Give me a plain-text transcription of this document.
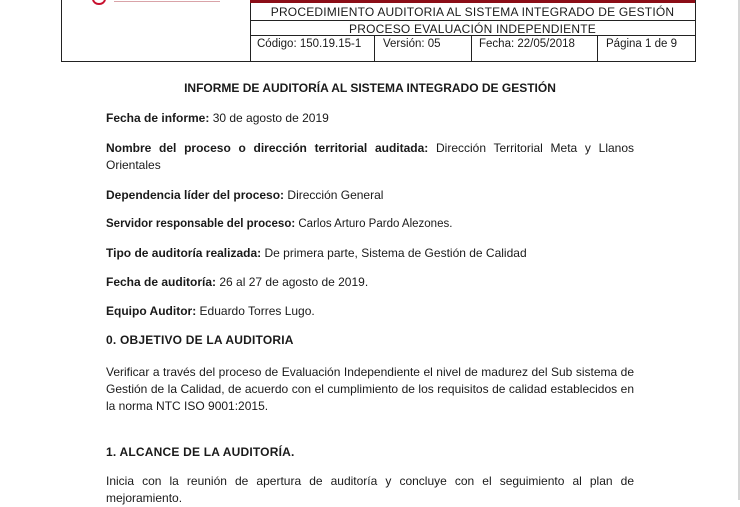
PROCEDIMIENTO AUDITORIA AL SISTEMA INTEGRADO DE GESTIÓN
PROCESO EVALUACIÓN INDEPENDIENTE
Código: 150.19.15-1	Versión: 05	Fecha: 22/05/2018	Página 1 de 9
INFORME DE AUDITORÍA AL SISTEMA INTEGRADO DE GESTIÓN
Fecha de informe: 30 de agosto de 2019
Nombre del proceso o dirección territorial auditada: Dirección Territorial Meta y Llanos Orientales
Dependencia líder del proceso: Dirección General
Servidor responsable del proceso: Carlos Arturo Pardo Alezones.
Tipo de auditoría realizada: De primera parte, Sistema de Gestión de Calidad
Fecha de auditoría: 26 al 27 de agosto de 2019.
Equipo Auditor: Eduardo Torres Lugo.
0. OBJETIVO DE LA AUDITORIA
Verificar a través del proceso de Evaluación Independiente el nivel de madurez del Sub sistema de Gestión de la Calidad, de acuerdo con el cumplimiento de los requisitos de calidad establecidos en la norma NTC ISO 9001:2015.
1. ALCANCE DE LA AUDITORÍA.
Inicia con la reunión de apertura de auditoría y concluye con el seguimiento al plan de mejoramiento.
